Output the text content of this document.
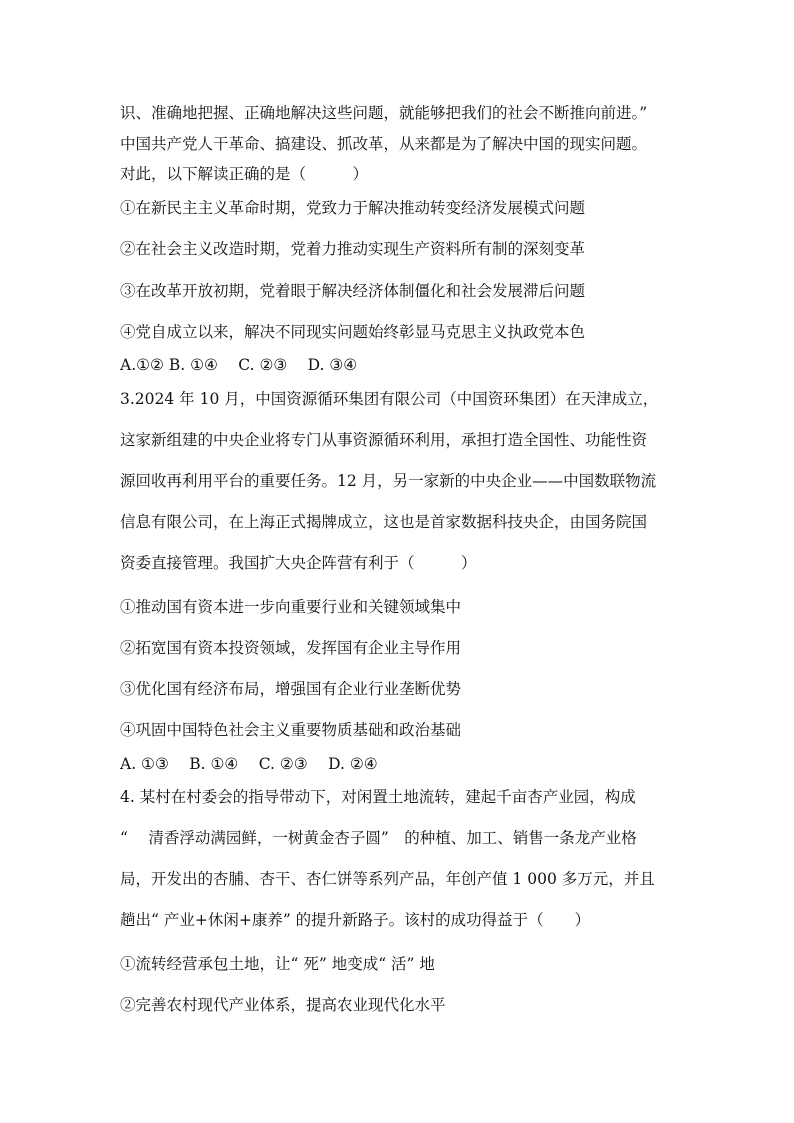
识、准确地把握、正确地解决这些问题，就能够把我们的社会不断推向前进。”
中国共产党人干革命、搞建设、抓改革，从来都是为了解决中国的现实问题。
对此，以下解读正确的是（　　　）
①在新民主主义革命时期，党致力于解决推动转变经济发展模式问题
②在社会主义改造时期，党着力推动实现生产资料所有制的深刻变革
③在改革开放初期，党着眼于解决经济体制僵化和社会发展滞后问题
④党自成立以来，解决不同现实问题始终彰显马克思主义执政党本色
A.①② B. ①④　 C. ②③　 D. ③④
3.2024 年 10 月，中国资源循环集团有限公司（中国资环集团）在天津成立，
这家新组建的中央企业将专门从事资源循环利用，承担打造全国性、功能性资
源回收再利用平台的重要任务。12 月，另一家新的中央企业——中国数联物流
信息有限公司，在上海正式揭牌成立，这也是首家数据科技央企，由国务院国
资委直接管理。我国扩大央企阵营有利于（　　　）
①推动国有资本进一步向重要行业和关键领域集中
②拓宽国有资本投资领域，发挥国有企业主导作用
③优化国有经济布局，增强国有企业行业垄断优势
④巩固中国特色社会主义重要物质基础和政治基础
A. ①③　 B. ①④　 C. ②③　 D. ②④
4. 某村在村委会的指导带动下，对闲置土地流转，建起千亩杏产业园，构成
“　 清香浮动满园鲜，一树黄金杏子圆”　的种植、加工、销售一条龙产业格
局，开发出的杏脯、杏干、杏仁饼等系列产品，年创产值 1 000 多万元，并且
趟出“ 产业+休闲+康养” 的提升新路子。该村的成功得益于（　　）
①流转经营承包土地，让“ 死” 地变成“ 活” 地
②完善农村现代产业体系，提高农业现代化水平
